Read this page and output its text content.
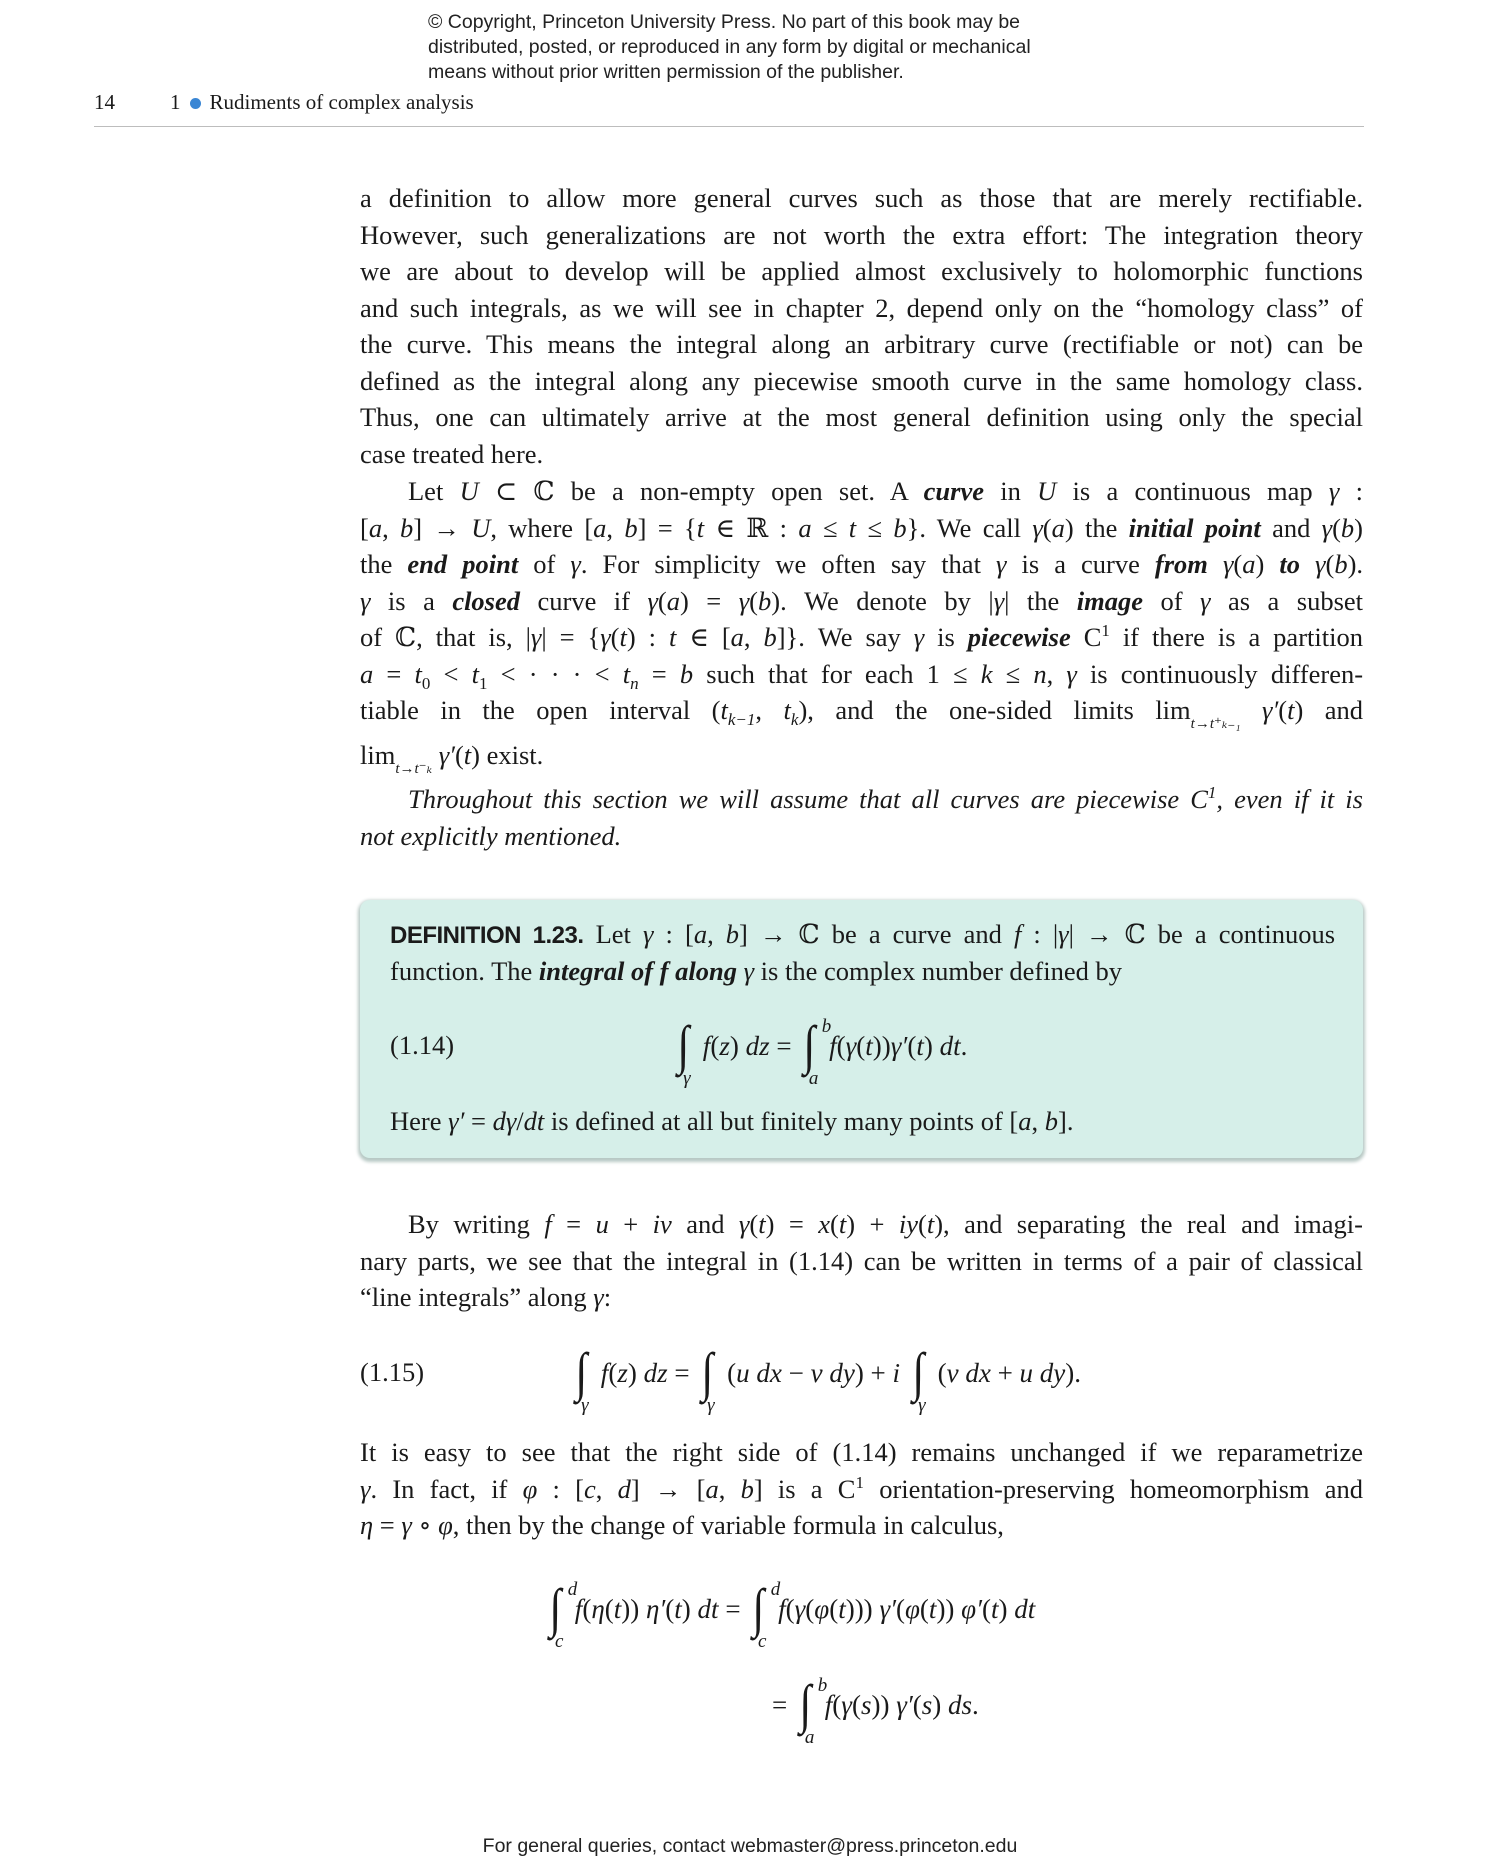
© Copyright, Princeton University Press. No part of this book may be
distributed, posted, or reproduced in any form by digital or mechanical
means without prior written permission of the publisher.
14	1 Rudiments of complex analysis
a definition to allow more general curves such as those that are merely rectifiable.
However, such generalizations are not worth the extra effort: The integration theory
we are about to develop will be applied almost exclusively to holomorphic functions
and such integrals, as we will see in chapter 2, depend only on the “homology class” of
the curve. This means the integral along an arbitrary curve (rectifiable or not) can be
defined as the integral along any piecewise smooth curve in the same homology class.
Thus, one can ultimately arrive at the most general definition using only the special
case treated here.
Let U ⊂ ℂ be a non-empty open set. A curve in U is a continuous map γ :
[a, b] → U, where [a, b] = {t ∈ ℝ : a ≤ t ≤ b}. We call γ(a) the initial point and γ(b)
the end point of γ. For simplicity we often say that γ is a curve from γ(a) to γ(b).
γ is a closed curve if γ(a) = γ(b). We denote by |γ| the image of γ as a subset
of ℂ, that is, |γ| = {γ(t) : t ∈ [a, b]}. We say γ is piecewise $C^1$ if there is a partition
$a = t_0 < t_1$ < · · · < $t_n = b$ such that for each 1 ≤ k ≤ n, γ is continuously differen-
tiable in the open interval ($t_{k-1}$, $t_k$), and the one-sided limits $\lim_{t\to t^+_{k-1}} \gamma'(t)$ and
$\lim_{t\to t^-_k} \gamma'(t)$ exist.
Throughout this section we will assume that all curves are piecewise $C^1$, even if it is
not explicitly mentioned.
DEFINITION 1.23. Let γ : [a, b] → ℂ be a curve and f : |γ| → ℂ be a continuous
function. The integral of f along γ is the complex number defined by
(1.14)	∫
γ
f(z) dz = ∫ b
a
f(γ(t))γ′(t) dt.
Here γ′ = dγ/dt is defined at all but finitely many points of [a, b].
By writing f = u + iv and γ(t) = x(t) + iy(t), and separating the real and imagi-
nary parts, we see that the integral in (1.14) can be written in terms of a pair of classical
“line integrals” along γ:
(1.15)	∫
γ
f(z) dz = ∫
γ
(u dx − v dy) + i ∫
γ
(v dx + u dy).
It is easy to see that the right side of (1.14) remains unchanged if we reparametrize
γ. In fact, if φ : [c, d] → [a, b] is a $C^1$ orientation-preserving homeomorphism and
η = γ ∘ φ, then by the change of variable formula in calculus,
∫ d
c
f(η(t)) η′(t) dt = ∫ d
c
f(γ(φ(t))) γ′(φ(t)) φ′(t) dt
= ∫ b
a
f(γ(s)) γ′(s) ds.
For general queries, contact webmaster@press.princeton.edu
